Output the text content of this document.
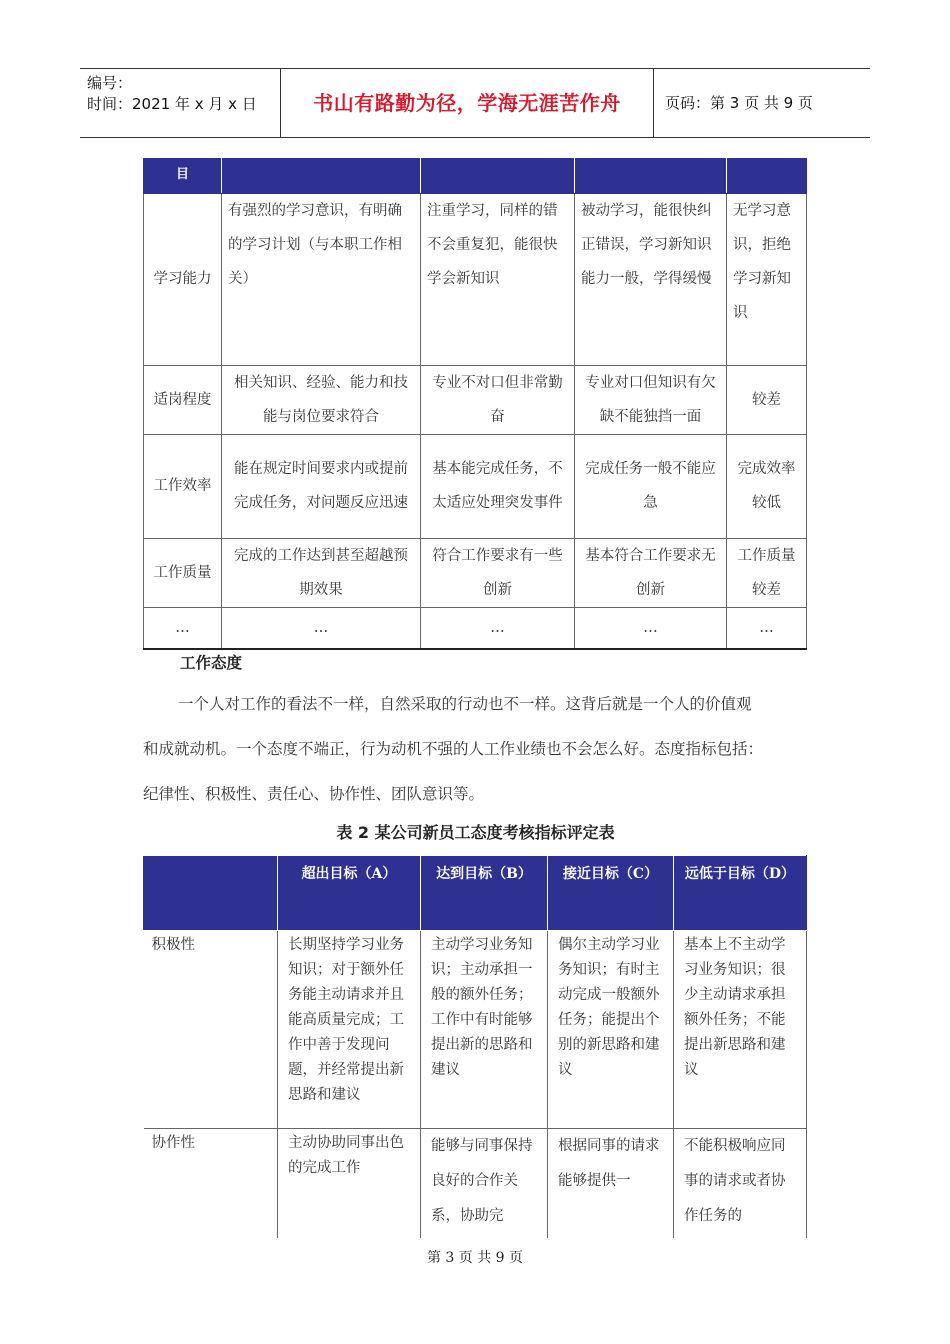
编号：
时间：2021 年 x 月 x 日	书山有路勤为径，学海无涯苦作舟	页码：第 3 页 共 9 页
目				
学习能力	有强烈的学习意识，有明确的学习计划（与本职工作相关）	注重学习，同样的错不会重复犯，能很快学会新知识	被动学习，能很快纠正错误，学习新知识能力一般，学得缓慢	无学习意识，拒绝学习新知识
适岗程度	相关知识、经验、能力和技能与岗位要求符合	专业不对口但非常勤奋	专业对口但知识有欠缺不能独挡一面	较差
工作效率	能在规定时间要求内或提前完成任务，对问题反应迅速	基本能完成任务，不太适应处理突发事件	完成任务一般不能应急	完成效率较低
工作质量	完成的工作达到甚至超越预期效果	符合工作要求有一些创新	基本符合工作要求无创新	工作质量较差
…	…	…	…	…
工作态度
一个人对工作的看法不一样，自然采取的行动也不一样。这背后就是一个人的价值观
和成就动机。一个态度不端正，行为动机不强的人工作业绩也不会怎么好。态度指标包括：
纪律性、积极性、责任心、协作性、团队意识等。
表 2 某公司新员工态度考核指标评定表
	超出目标（A）	达到目标（B）	接近目标（C）	远低于目标（D）
积极性	长期坚持学习业务知识；对于额外任务能主动请求并且能高质量完成；工作中善于发现问题，并经常提出新思路和建议	主动学习业务知识；主动承担一般的额外任务；工作中有时能够提出新的思路和建议	偶尔主动学习业务知识；有时主动完成一般额外任务；能提出个别的新思路和建议	基本上不主动学习业务知识；很少主动请求承担额外任务；不能提出新思路和建议
协作性	主动协助同事出色的完成工作	能够与同事保持良好的合作关系，协助完	根据同事的请求能够提供一	不能积极响应同事的请求或者协作任务的
第 3 页 共 9 页
